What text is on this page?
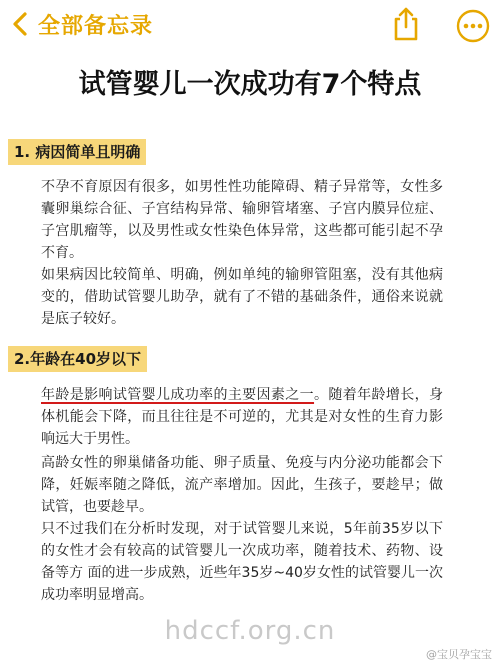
全部备忘录
试管婴儿一次成功有7个特点
1. 病因简单且明确

不孕不育原因有很多，如男性性功能障碍、精子异常等，女性多囊卵巢综合征、子宫结构异常、输卵管堵塞、子宫内膜异位症、子宫肌瘤等，以及男性或女性染色体异常，这些都可能引起不孕不育。

如果病因比较简单、明确，例如单纯的输卵管阻塞，没有其他病变的，借助试管婴儿助孕，就有了不错的基础条件，通俗来说就是底子较好。

2.年龄在40岁以下

年龄是影响试管婴儿成功率的主要因素之一。随着年龄增长，身体机能会下降，而且往往是不可逆的，尤其是对女性的生育力影响远大于男性。

高龄女性的卵巢储备功能、卵子质量、免疫与内分泌功能都会下降，妊娠率随之降低，流产率增加。因此，生孩子，要趁早；做试管，也要趁早。

只不过我们在分析时发现，对于试管婴儿来说，5年前35岁以下的女性才会有较高的试管婴儿一次成功率，随着技术、药物、设备等方 面的进一步成熟，近些年35岁~40岁女性的试管婴儿一次成功率明显增高。

hdccf.org.cn
@宝贝孕宝宝
